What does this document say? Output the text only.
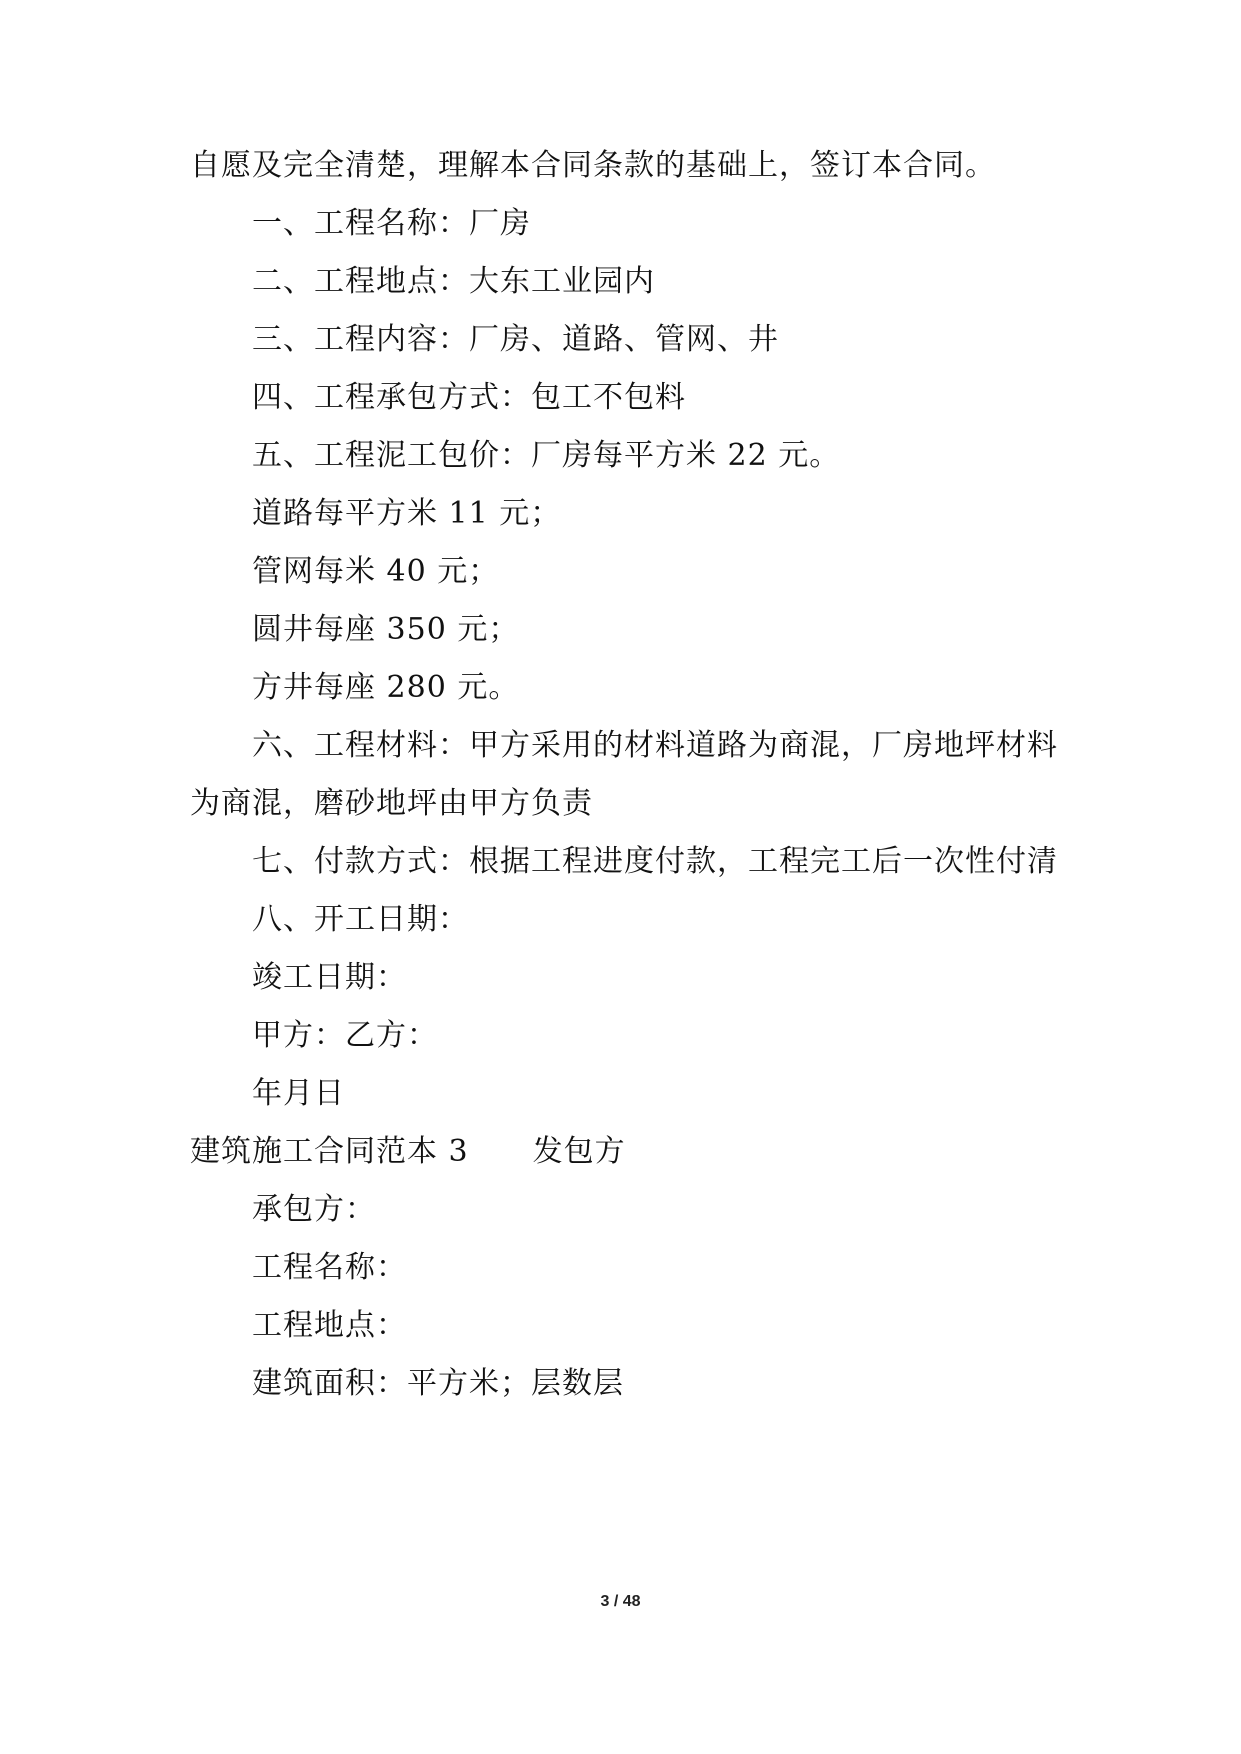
自愿及完全清楚，理解本合同条款的基础上，签订本合同。
一、工程名称：厂房
二、工程地点：大东工业园内
三、工程内容：厂房、道路、管网、井
四、工程承包方式：包工不包料
五、工程泥工包价：厂房每平方米 22 元。
道路每平方米 11 元；
管网每米 40 元；
圆井每座 350 元；
方井每座 280 元。
六、工程材料：甲方采用的材料道路为商混，厂房地坪材料
为商混，磨砂地坪由甲方负责
七、付款方式：根据工程进度付款，工程完工后一次性付清
八、开工日期：
竣工日期：
甲方：乙方：
年月日
建筑施工合同范本 3 发包方
承包方：
工程名称：
工程地点：
建筑面积：平方米；层数层
3 / 48
